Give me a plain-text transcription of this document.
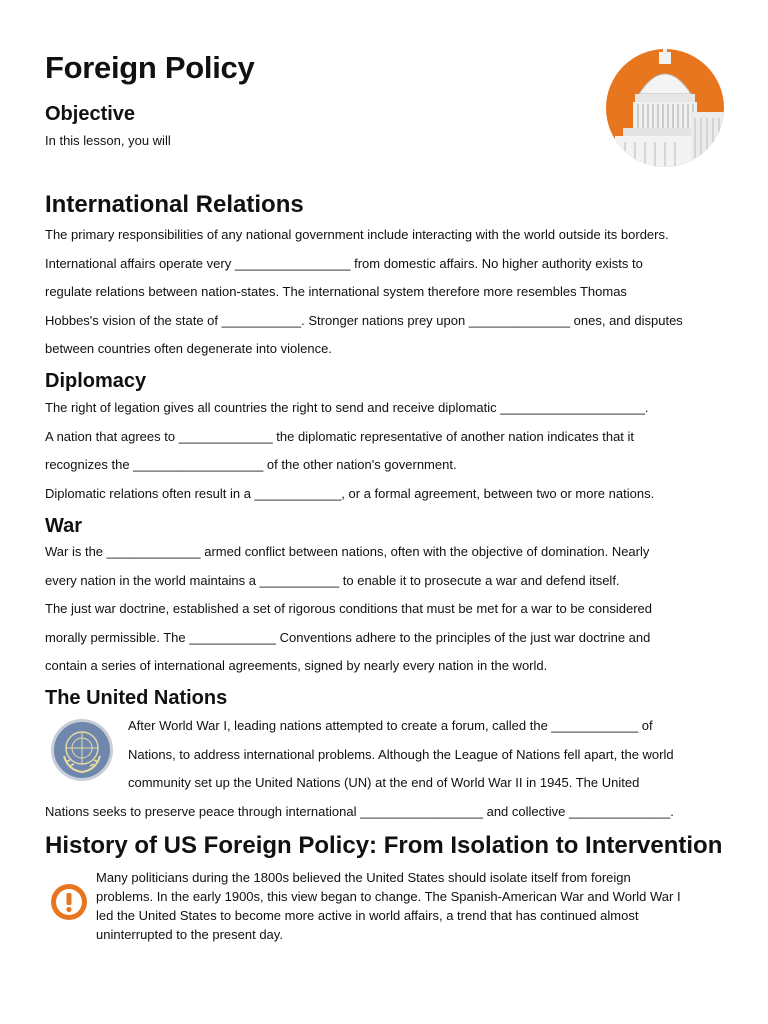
Foreign Policy
Objective
In this lesson, you will
International Relations
The primary responsibilities of any national government include interacting with the world outside its borders.
International affairs operate very ________________ from domestic affairs. No higher authority exists to
regulate relations between nation-states. The international system therefore more resembles Thomas
Hobbes's vision of the state of ___________. Stronger nations prey upon ______________ ones, and disputes
between countries often degenerate into violence.
Diplomacy
The right of legation gives all countries the right to send and receive diplomatic ____________________.
A nation that agrees to _____________ the diplomatic representative of another nation indicates that it
recognizes the __________________ of the other nation's government.
Diplomatic relations often result in a ____________, or a formal agreement, between two or more nations.
War
War is the _____________ armed conflict between nations, often with the objective of domination. Nearly
every nation in the world maintains a ___________ to enable it to prosecute a war and defend itself.
The just war doctrine, established a set of rigorous conditions that must be met for a war to be considered
morally permissible. The ____________ Conventions adhere to the principles of the just war doctrine and
contain a series of international agreements, signed by nearly every nation in the world.
The United Nations
After World War I, leading nations attempted to create a forum, called the ____________ of
Nations, to address international problems. Although the League of Nations fell apart, the world
community set up the United Nations (UN) at the end of World War II in 1945. The United
Nations seeks to preserve peace through international _________________ and collective ______________.
History of US Foreign Policy: From Isolation to Intervention
Many politicians during the 1800s believed the United States should isolate itself from foreign
problems. In the early 1900s, this view began to change. The Spanish-American War and World War I
led the United States to become more active in world affairs, a trend that has continued almost
uninterrupted to the present day.
